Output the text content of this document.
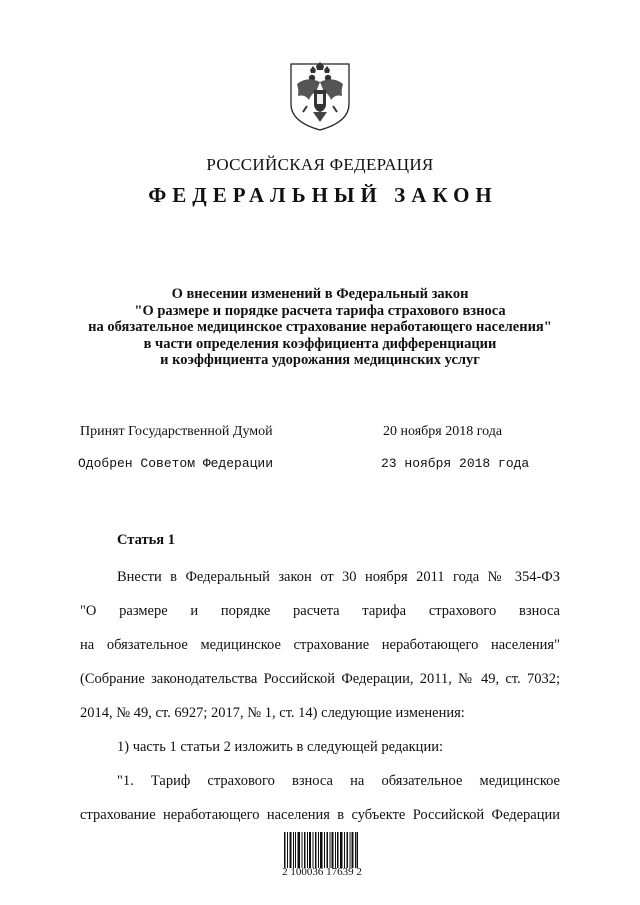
РОССИЙСКАЯ ФЕДЕРАЦИЯ
ФЕДЕРАЛЬНЫЙ ЗАКОН
О внесении изменений в Федеральный закон
"О размере и порядке расчета тарифа страхового взноса
на обязательное медицинское страхование неработающего населения"
в части определения коэффициента дифференциации
и коэффициента удорожания медицинских услуг
Принят Государственной Думой	20 ноября 2018 года
Одобрен Советом Федерации	23 ноября 2018 года
Статья 1
Внести в Федеральный закон от 30 ноября 2011 года № 354-ФЗ
"О размере и порядке расчета тарифа страхового взноса
на обязательное медицинское страхование неработающего населения"
(Собрание законодательства Российской Федерации, 2011, № 49, ст. 7032;
2014, № 49, ст. 6927; 2017, № 1, ст. 14) следующие изменения:
1) часть 1 статьи 2 изложить в следующей редакции:
"1. Тариф страхового взноса на обязательное медицинское
страхование неработающего населения в субъекте Российской Федерации
2 100036 17639 2
